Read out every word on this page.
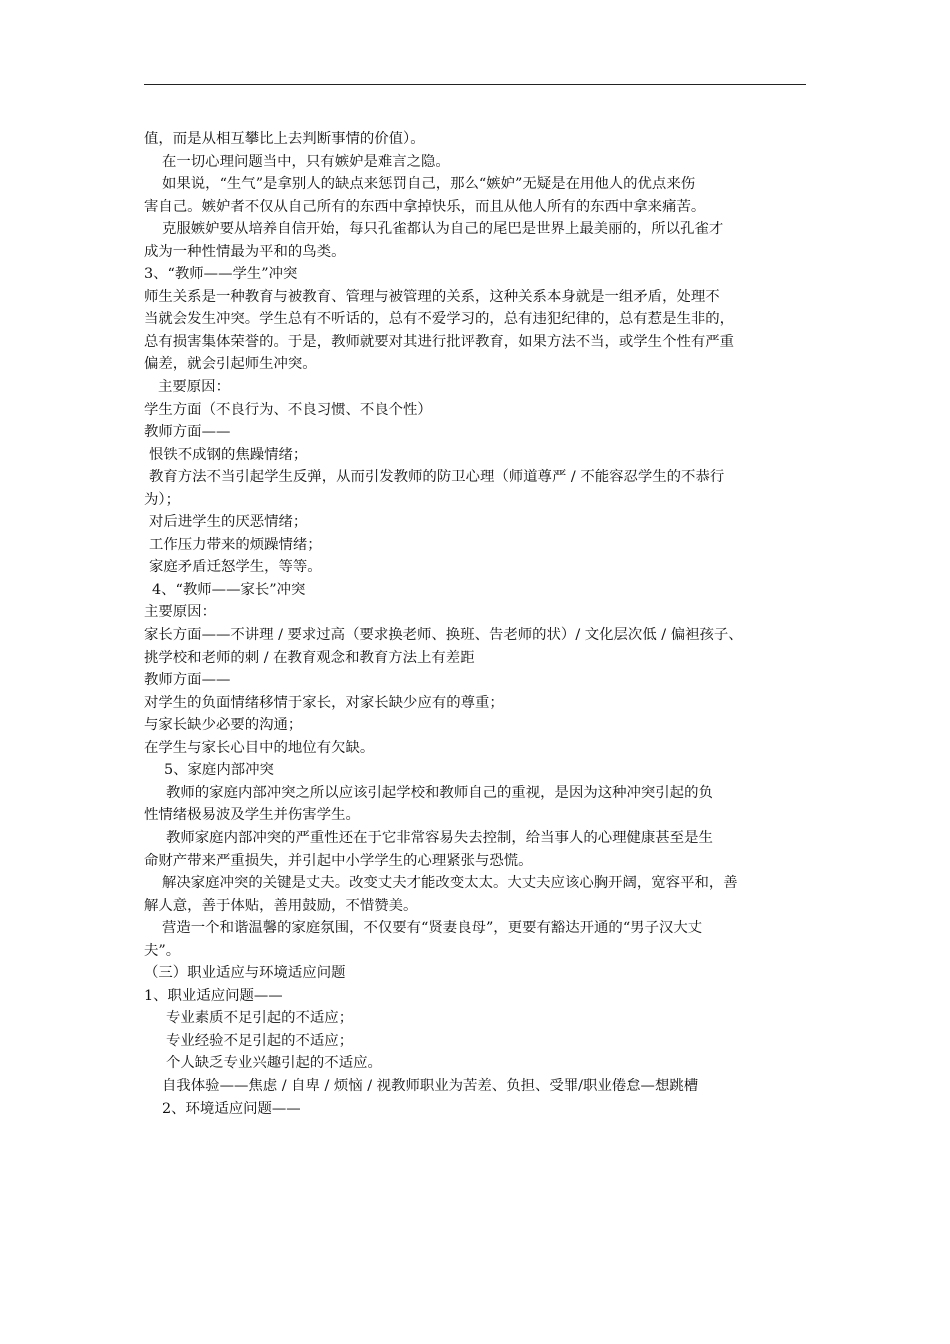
值，而是从相互攀比上去判断事情的价值）。
在一切心理问题当中，只有嫉妒是难言之隐。
如果说，“生气”是拿别人的缺点来惩罚自己，那么“嫉妒”无疑是在用他人的优点来伤
害自己。嫉妒者不仅从自己所有的东西中拿掉快乐，而且从他人所有的东西中拿来痛苦。
克服嫉妒要从培养自信开始，每只孔雀都认为自己的尾巴是世界上最美丽的，所以孔雀才
成为一种性情最为平和的鸟类。
3、“教师——学生”冲突
师生关系是一种教育与被教育、管理与被管理的关系，这种关系本身就是一组矛盾，处理不
当就会发生冲突。学生总有不听话的，总有不爱学习的，总有违犯纪律的，总有惹是生非的，
总有损害集体荣誉的。于是，教师就要对其进行批评教育，如果方法不当，或学生个性有严重
偏差，就会引起师生冲突。
主要原因：
学生方面（不良行为、不良习惯、不良个性）
教师方面——
恨铁不成钢的焦躁情绪；
教育方法不当引起学生反弹，从而引发教师的防卫心理（师道尊严 / 不能容忍学生的不恭行
为）；
对后进学生的厌恶情绪；
工作压力带来的烦躁情绪；
家庭矛盾迁怒学生，等等。
4、“教师——家长”冲突
主要原因：
家长方面——不讲理 / 要求过高（要求换老师、换班、告老师的状）/ 文化层次低 / 偏袒孩子、
挑学校和老师的刺 / 在教育观念和教育方法上有差距
教师方面——
对学生的负面情绪移情于家长，对家长缺少应有的尊重；
与家长缺少必要的沟通；
在学生与家长心目中的地位有欠缺。
5、家庭内部冲突
教师的家庭内部冲突之所以应该引起学校和教师自己的重视，是因为这种冲突引起的负
性情绪极易波及学生并伤害学生。
教师家庭内部冲突的严重性还在于它非常容易失去控制，给当事人的心理健康甚至是生
命财产带来严重损失，并引起中小学学生的心理紧张与恐慌。
解决家庭冲突的关键是丈夫。改变丈夫才能改变太太。大丈夫应该心胸开阔，宽容平和，善
解人意，善于体贴，善用鼓励，不惜赞美。
营造一个和谐温馨的家庭氛围，不仅要有“贤妻良母”，更要有豁达开通的“男子汉大丈
夫”。
（三）职业适应与环境适应问题
1、职业适应问题——
专业素质不足引起的不适应；
专业经验不足引起的不适应；
个人缺乏专业兴趣引起的不适应。
自我体验——焦虑 / 自卑 / 烦恼 / 视教师职业为苦差、负担、受罪/职业倦怠—想跳槽
2、环境适应问题——
